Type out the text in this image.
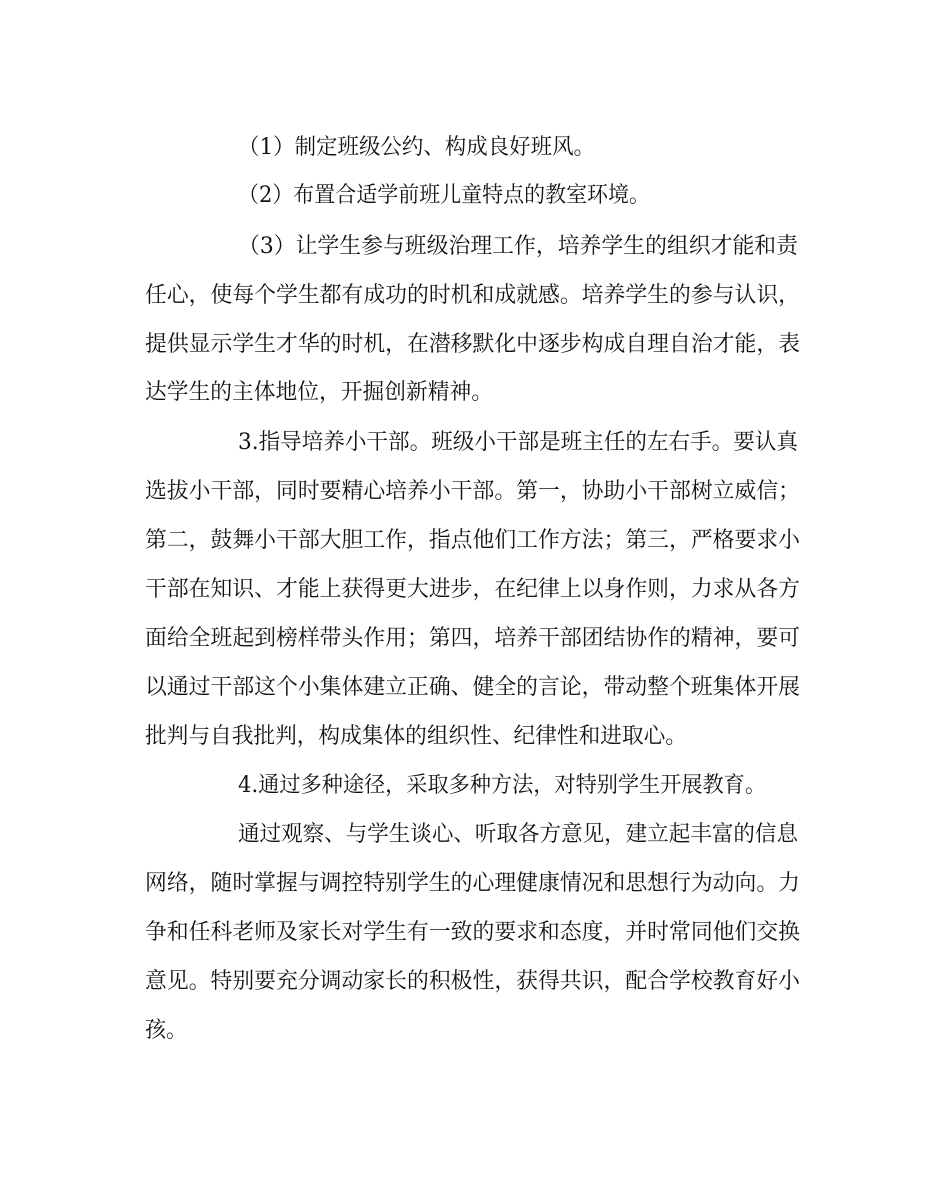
（1）制定班级公约、构成良好班风。
（2）布置合适学前班儿童特点的教室环境。
（3）让学生参与班级治理工作，培养学生的组织才能和责
任心，使每个学生都有成功的时机和成就感。培养学生的参与认识，
提供显示学生才华的时机，在潜移默化中逐步构成自理自治才能，表
达学生的主体地位，开掘创新精神。
3.指导培养小干部。班级小干部是班主任的左右手。要认真
选拔小干部，同时要精心培养小干部。第一，协助小干部树立威信；
第二，鼓舞小干部大胆工作，指点他们工作方法；第三，严格要求小
干部在知识、才能上获得更大进步，在纪律上以身作则，力求从各方
面给全班起到榜样带头作用；第四，培养干部团结协作的精神，要可
以通过干部这个小集体建立正确、健全的言论，带动整个班集体开展
批判与自我批判，构成集体的组织性、纪律性和进取心。
4.通过多种途径，采取多种方法，对特别学生开展教育。
通过观察、与学生谈心、听取各方意见，建立起丰富的信息
网络，随时掌握与调控特别学生的心理健康情况和思想行为动向。力
争和任科老师及家长对学生有一致的要求和态度，并时常同他们交换
意见。特别要充分调动家长的积极性，获得共识，配合学校教育好小
孩。
